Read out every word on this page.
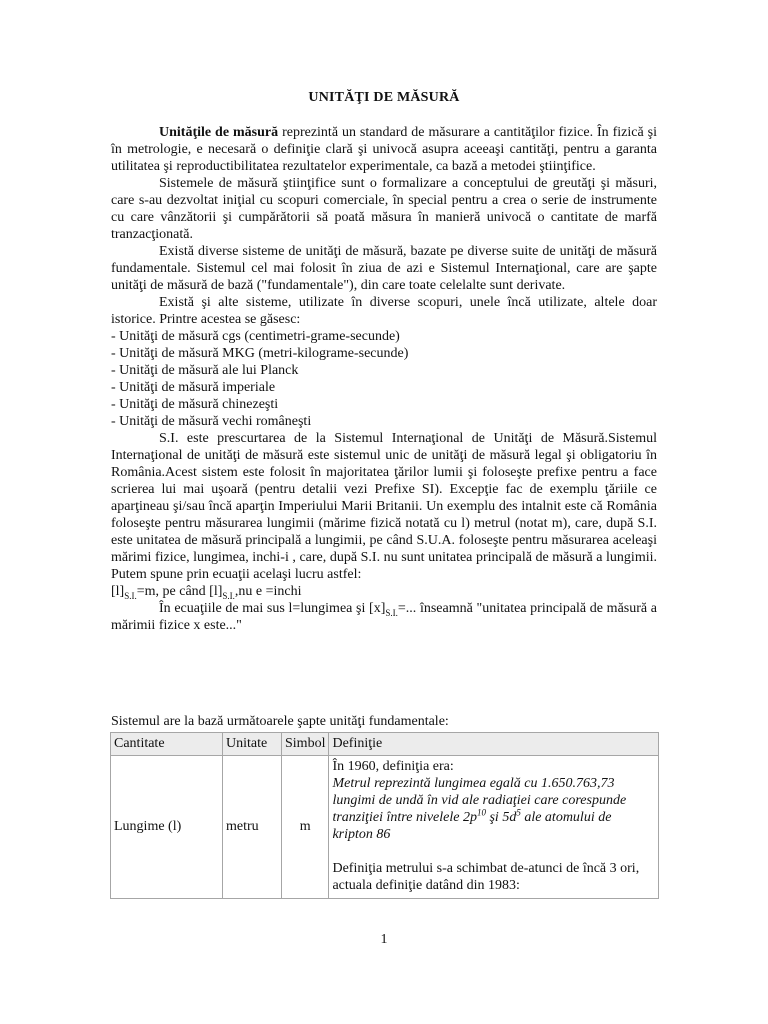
UNITĂŢI DE MĂSURĂ

Unităţile de măsură reprezintă un standard de măsurare a cantităţilor fizice. În fizică şi în metrologie, e necesară o definiţie clară şi univocă asupra aceeaşi cantităţi, pentru a garanta utilitatea şi reproductibilitatea rezultatelor experimentale, ca bază a metodei ştiinţifice.

Sistemele de măsură ştiinţifice sunt o formalizare a conceptului de greutăţi şi măsuri, care s-au dezvoltat iniţial cu scopuri comerciale, în special pentru a crea o serie de instrumente cu care vânzătorii şi cumpărătorii să poată măsura în manieră univocă o cantitate de marfă tranzacţionată.

Există diverse sisteme de unităţi de măsură, bazate pe diverse suite de unităţi de măsură fundamentale. Sistemul cel mai folosit în ziua de azi e Sistemul Internaţional, care are şapte unităţi de măsură de bază ("fundamentale"), din care toate celelalte sunt derivate.

Există şi alte sisteme, utilizate în diverse scopuri, unele încă utilizate, altele doar istorice. Printre acestea se găsesc:

- Unităţi de măsură cgs (centimetri-grame-secunde)
- Unităţi de măsură MKG (metri-kilograme-secunde)
- Unităţi de măsură ale lui Planck
- Unităţi de măsură imperiale
- Unităţi de măsură chinezeşti
- Unităţi de măsură vechi româneşti

S.I. este prescurtarea de la Sistemul Internaţional de Unităţi de Măsură.Sistemul Internaţional de unităţi de măsură este sistemul unic de unităţi de măsură legal şi obligatoriu în România.Acest sistem este folosit în majoritatea ţărilor lumii şi foloseşte prefixe pentru a face scrierea lui mai uşoară (pentru detalii vezi Prefixe SI). Excepţie fac de exemplu ţăriile ce aparţineau şi/sau încă aparţin Imperiului Marii Britanii. Un exemplu des intalnit este că România foloseşte pentru măsurarea lungimii (mărime fizică notată cu l) metrul (notat m), care, după S.I. este unitatea de măsură principală a lungimii, pe când S.U.A. foloseşte pentru măsurarea aceleaşi mărimi fizice, lungimea, inchi-i , care, după S.I. nu sunt unitatea principală de măsură a lungimii. Putem spune prin ecuaţii acelaşi lucru astfel:

$[l]_{S.I.}=m$, pe când $[l]_{S.I.},nu$ e =inchi

În ecuaţiile de mai sus l=lungimea şi $[x]_{S.I.}=$... înseamnă "unitatea principală de măsură a mărimii fizice x este..."

Sistemul are la bază următoarele şapte unităţi fundamentale:
Cantitate	Unitate	Simbol	Definiţie
Lungime (l)	metru	m	În 1960, definiţia era:
Metrul reprezintă lungimea egală cu 1.650.763,73 lungimi de undă în vid ale radiaţiei care corespunde tranziţiei între nivelele $2p^{10}$ şi $5d^5$ ale atomului de kripton 86
Definiţia metrului s-a schimbat de-atunci de încă 3 ori, actuala definiţie datând din 1983:
1
